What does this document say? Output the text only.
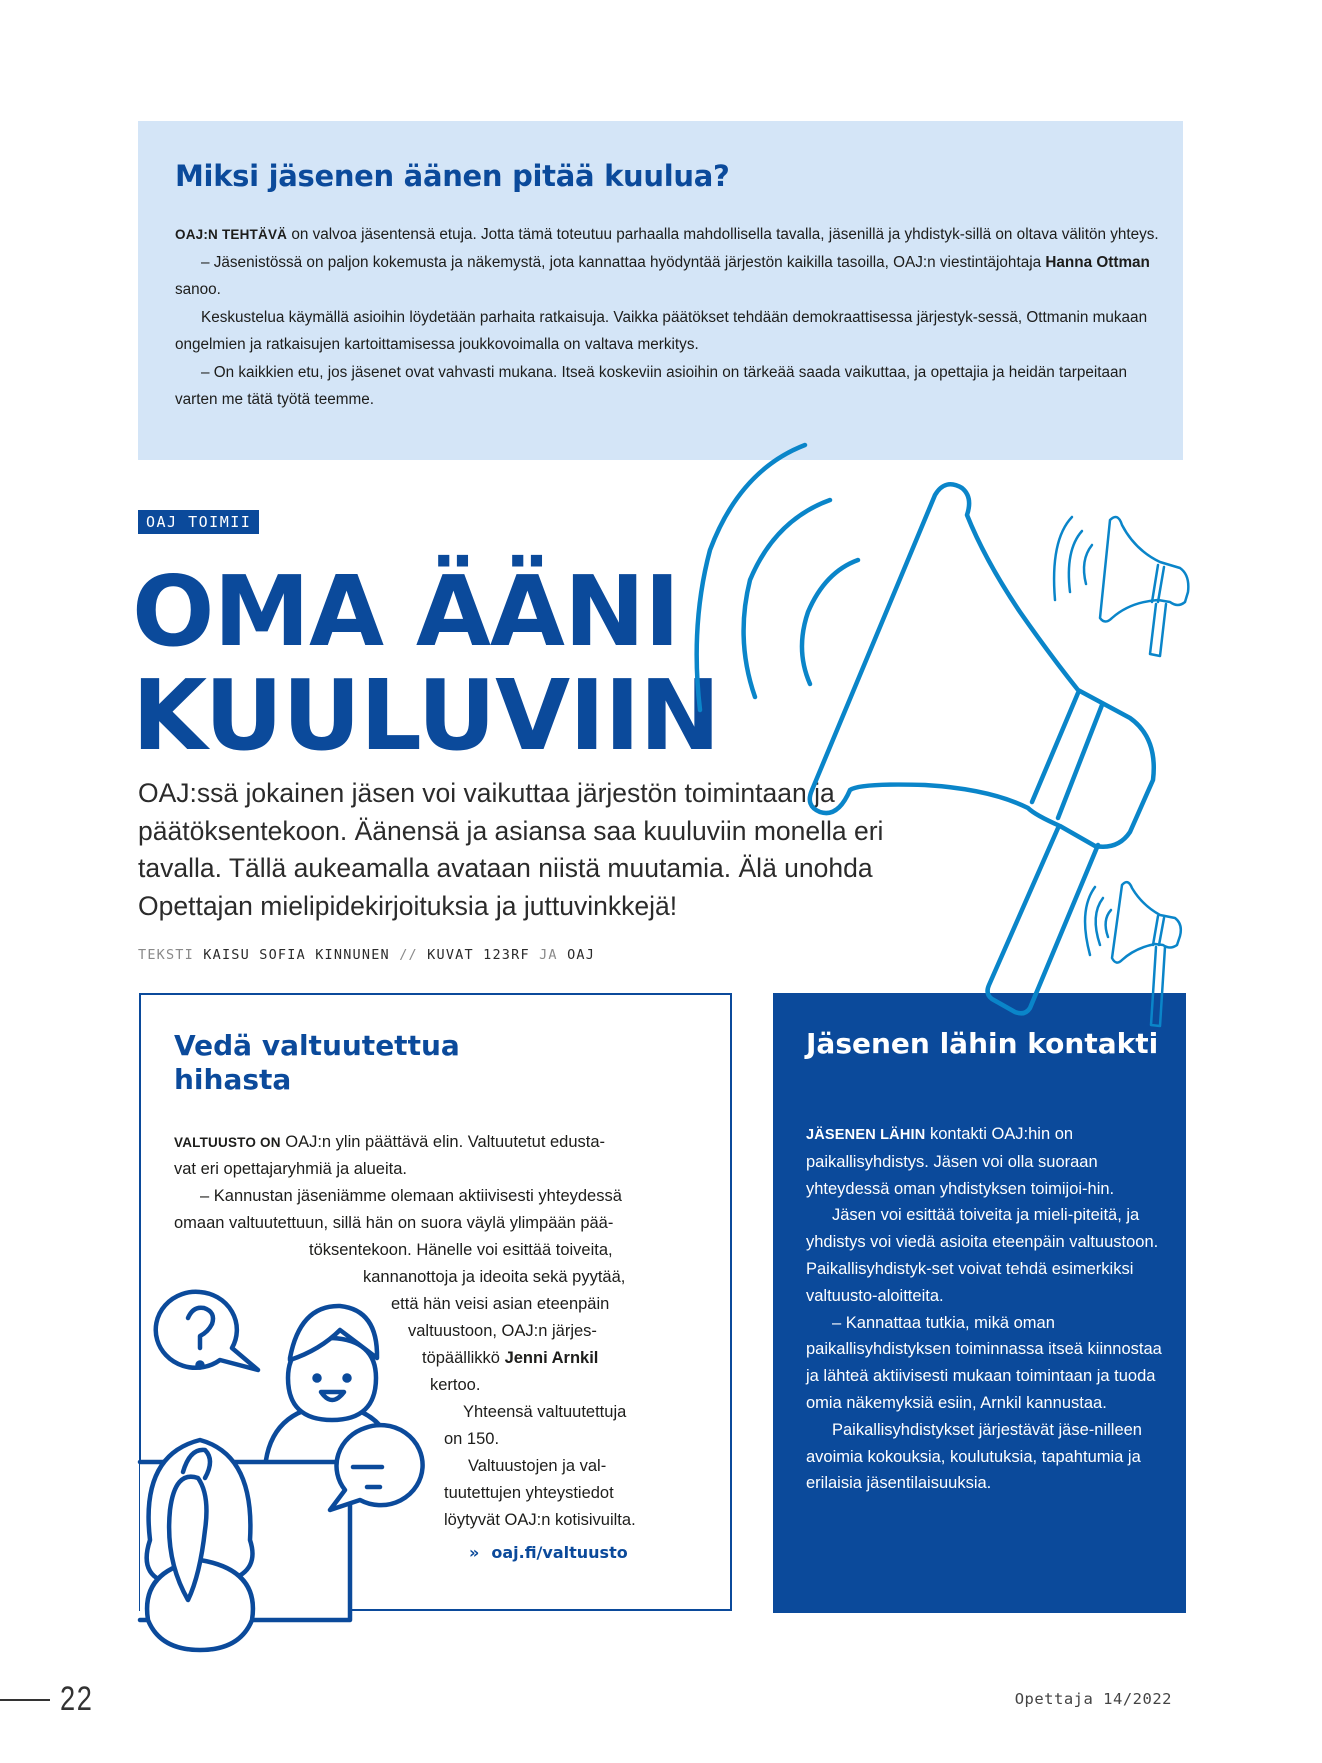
Miksi jäsenen äänen pitää kuulua?

OAJ:N TEHTÄVÄ on valvoa jäsentensä etuja. Jotta tämä toteutuu parhaalla mahdollisella tavalla, jäsenillä ja yhdistyk-sillä on oltava välitön yhteys.

– Jäsenistössä on paljon kokemusta ja näkemystä, jota kannattaa hyödyntää järjestön kaikilla tasoilla, OAJ:n viestintäjohtaja Hanna Ottman sanoo.

Keskustelua käymällä asioihin löydetään parhaita ratkaisuja. Vaikka päätökset tehdään demokraattisessa järjestyk-sessä, Ottmanin mukaan ongelmien ja ratkaisujen kartoittamisessa joukkovoimalla on valtava merkitys.

– On kaikkien etu, jos jäsenet ovat vahvasti mukana. Itseä koskeviin asioihin on tärkeää saada vaikuttaa, ja opettajia ja heidän tarpeitaan varten me tätä työtä teemme.

OAJ TOIMII
OMA ÄÄNI
KUULUVIIN

OAJ:ssä jokainen jäsen voi vaikuttaa järjestön toimintaan ja päätöksentekoon. Äänensä ja asiansa saa kuuluviin monella eri tavalla. Tällä aukeamalla avataan niistä muutamia. Älä unohda Opettajan mielipidekirjoituksia ja juttuvinkkejä!

TEKSTI KAISU SOFIA KINNUNEN // KUVAT 123RF JA OAJ
Vedä valtuutettua hihasta
VALTUUSTO ON OAJ:n ylin päättävä elin. Valtuutetut edusta-
vat eri opettajaryhmiä ja alueita.
– Kannustan jäseniämme olemaan aktiivisesti yhteydessä
omaan valtuutettuun, sillä hän on suora väylä ylimpään pää-
töksentekoon. Hänelle voi esittää toiveita,
kannanottoja ja ideoita sekä pyytää,
että hän veisi asian eteenpäin
valtuustoon, OAJ:n järjes-
töpäällikkö Jenni Arnkil
kertoo.
Yhteensä valtuutettuja
on 150.
Valtuustojen ja val-
tuutettujen yhteystiedot
löytyvät OAJ:n kotisivuilta.
» oaj.fi/valtuusto
Jäsenen lähin kontakti

JÄSENEN LÄHIN kontakti OAJ:hin on paikallisyhdistys. Jäsen voi olla suoraan yhteydessä oman yhdistyksen toimijoi-hin.

Jäsen voi esittää toiveita ja mieli-piteitä, ja yhdistys voi viedä asioita eteenpäin valtuustoon. Paikallisyhdistyk-set voivat tehdä esimerkiksi valtuusto-aloitteita.

– Kannattaa tutkia, mikä oman paikallisyhdistyksen toiminnassa itseä kiinnostaa ja lähteä aktiivisesti mukaan toimintaan ja tuoda omia näkemyksiä esiin, Arnkil kannustaa.

Paikallisyhdistykset järjestävät jäse-nilleen avoimia kokouksia, koulutuksia, tapahtumia ja erilaisia jäsentilaisuuksia.

22	Opettaja 14/2022
